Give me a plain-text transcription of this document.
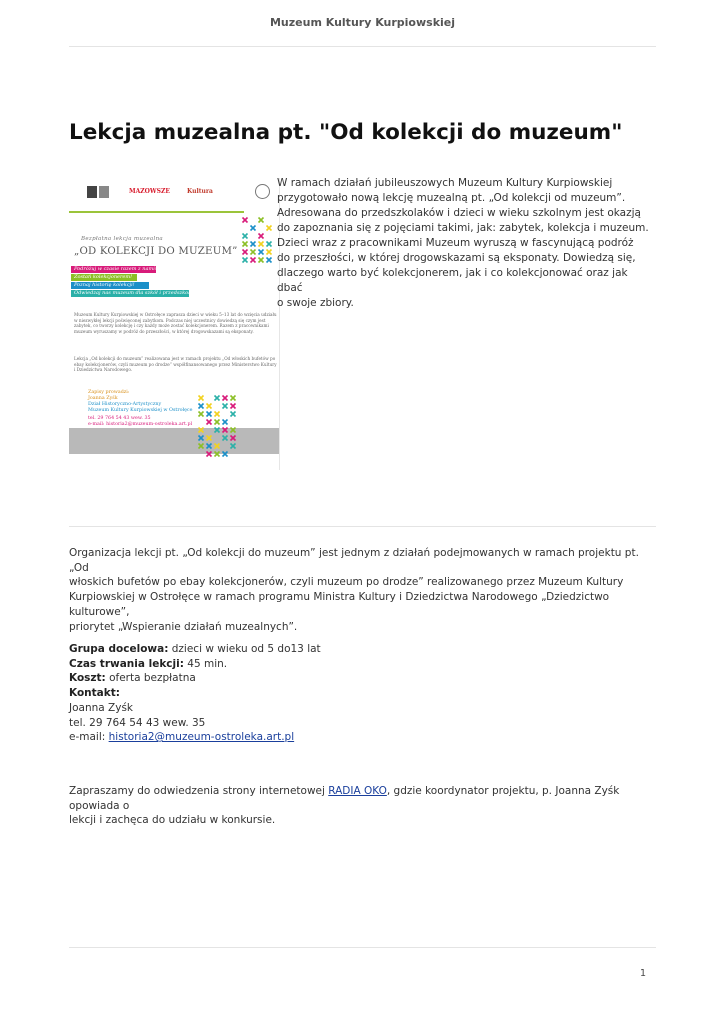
Muzeum Kultury Kurpiowskiej
Lekcja muzealna pt. "Od kolekcji do muzeum"
MAZOWSZE	Kultura
Bezpłatna lekcja muzealna
„OD KOLEKCJI DO MUZEUM”
Podróżuj w czasie razem z nami!
Zostań kolekcjonerem!
Poznaj historię kolekcji!
Odwiedzaj nas muzeum dla szkół i przedszkoli
Muzeum Kultury Kurpiowskiej w Ostrołęce zaprasza dzieci w wieku 5–13 lat do wzięcia udziału w niezwykłej lekcji poświęconej zabytkom. Podczas niej uczestnicy dowiedzą się czym jest zabytek, co tworzy kolekcję i czy każdy może zostać kolekcjonerem. Razem z pracownikami muzeum wyruszamy w podróż do przeszłości, w której drogowskazami są eksponaty.
Lekcja „Od kolekcji do muzeum” realizowana jest w ramach projektu „Od włoskich bufetów po ebay kolekcjonerów, czyli muzeum po drodze” współfinansowanego przez Ministerstwo Kultury i Dziedzictwa Narodowego.
Zapisy prowadzi:
Joanna Zyśk
Dział Historyczno-Artystyczny
Muzeum Kultury Kurpiowskiej w Ostrołęce
tel. 29 764 54 43 wew. 35
e-mail: historia2@muzeum-ostroleka.art.pl
W ramach działań jubileuszowych Muzeum Kultury Kurpiowskiej
przygotowało nową lekcję muzealną pt. „Od kolekcji od muzeum”.
Adresowana do przedszkolaków i dzieci w wieku szkolnym jest okazją
do zapoznania się z pojęciami takimi, jak: zabytek, kolekcja i muzeum.
Dzieci wraz z pracownikami Muzeum wyruszą w fascynującą podróż
do przeszłości, w której drogowskazami są eksponaty. Dowiedzą się,
dlaczego warto być kolekcjonerem, jak i co kolekcjonować oraz jak dbać
o swoje zbiory.
Organizacja lekcji pt. „Od kolekcji do muzeum” jest jednym z działań podejmowanych w ramach projektu pt. „Od
włoskich bufetów po ebay kolekcjonerów, czyli muzeum po drodze” realizowanego przez Muzeum Kultury
Kurpiowskiej w Ostrołęce w ramach programu Ministra Kultury i Dziedzictwa Narodowego „Dziedzictwo kulturowe”,
priorytet „Wspieranie działań muzealnych”.
Grupa docelowa: dzieci w wieku od 5 do13 lat
Czas trwania lekcji: 45 min.
Koszt: oferta bezpłatna
Kontakt:
Joanna Zyśk
tel. 29 764 54 43 wew. 35
e-mail: historia2@muzeum-ostroleka.art.pl
Zapraszamy do odwiedzenia strony internetowej RADIA OKO, gdzie koordynator projektu, p. Joanna Zyśk opowiada o
lekcji i zachęca do udziału w konkursie.
1
